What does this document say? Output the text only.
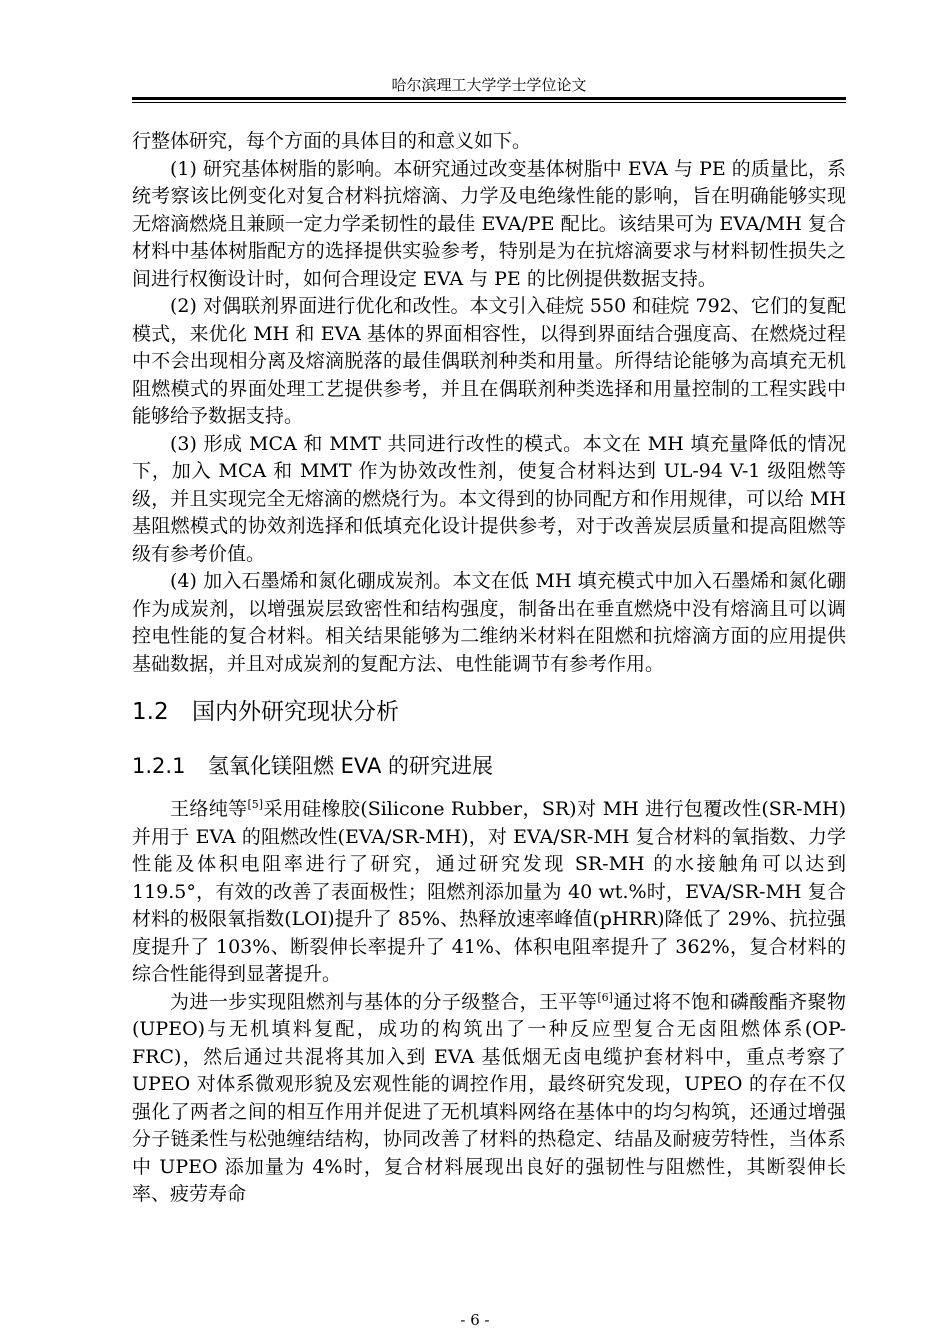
哈尔滨理工大学学士学位论文

行整体研究，每个方面的具体目的和意义如下。

(1) 研究基体树脂的影响。本研究通过改变基体树脂中 EVA 与 PE 的质量比，系统考察该比例变化对复合材料抗熔滴、力学及电绝缘性能的影响，旨在明确能够实现无熔滴燃烧且兼顾一定力学柔韧性的最佳 EVA/PE 配比。该结果可为 EVA/MH 复合材料中基体树脂配方的选择提供实验参考，特别是为在抗熔滴要求与材料韧性损失之间进行权衡设计时，如何合理设定 EVA 与 PE 的比例提供数据支持。

(2) 对偶联剂界面进行优化和改性。本文引入硅烷 550 和硅烷 792、它们的复配模式，来优化 MH 和 EVA 基体的界面相容性，以得到界面结合强度高、在燃烧过程中不会出现相分离及熔滴脱落的最佳偶联剂种类和用量。所得结论能够为高填充无机阻燃模式的界面处理工艺提供参考，并且在偶联剂种类选择和用量控制的工程实践中能够给予数据支持。

(3) 形成 MCA 和 MMT 共同进行改性的模式。本文在 MH 填充量降低的情况下，加入 MCA 和 MMT 作为协效改性剂，使复合材料达到 UL-94 V-1 级阻燃等级，并且实现完全无熔滴的燃烧行为。本文得到的协同配方和作用规律，可以给 MH 基阻燃模式的协效剂选择和低填充化设计提供参考，对于改善炭层质量和提高阻燃等级有参考价值。

(4) 加入石墨烯和氮化硼成炭剂。本文在低 MH 填充模式中加入石墨烯和氮化硼作为成炭剂，以增强炭层致密性和结构强度，制备出在垂直燃烧中没有熔滴且可以调控电性能的复合材料。相关结果能够为二维纳米材料在阻燃和抗熔滴方面的应用提供基础数据，并且对成炭剂的复配方法、电性能调节有参考作用。

1.2 国内外研究现状分析
1.2.1 氢氧化镁阻燃 EVA 的研究进展

王络纯等[5]采用硅橡胶(Silicone Rubber，SR)对 MH 进行包覆改性(SR-MH)并用于 EVA 的阻燃改性(EVA/SR-MH)，对 EVA/SR-MH 复合材料的氧指数、力学性能及体积电阻率进行了研究，通过研究发现 SR-MH 的水接触角可以达到 119.5°，有效的改善了表面极性；阻燃剂添加量为 40 wt.%时，EVA/SR-MH 复合材料的极限氧指数(LOI)提升了 85%、热释放速率峰值(pHRR)降低了 29%、抗拉强度提升了 103%、断裂伸长率提升了 41%、体积电阻率提升了 362%，复合材料的综合性能得到显著提升。

为进一步实现阻燃剂与基体的分子级整合，王平等[6]通过将不饱和磷酸酯齐聚物(UPEO)与无机填料复配，成功的构筑出了一种反应型复合无卤阻燃体系(OP-FRC)，然后通过共混将其加入到 EVA 基低烟无卤电缆护套材料中，重点考察了 UPEO 对体系微观形貌及宏观性能的调控作用，最终研究发现，UPEO 的存在不仅强化了两者之间的相互作用并促进了无机填料网络在基体中的均匀构筑，还通过增强分子链柔性与松弛缠结结构，协同改善了材料的热稳定、结晶及耐疲劳特性，当体系中 UPEO 添加量为 4%时，复合材料展现出良好的强韧性与阻燃性，其断裂伸长率、疲劳寿命

- 6 -
